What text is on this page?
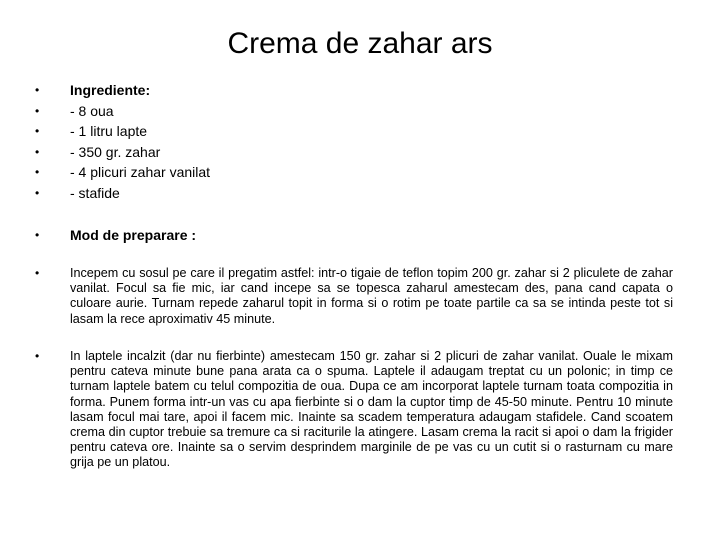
Crema de zahar ars
• Ingrediente:
• - 8 oua
• - 1 litru lapte
• - 350 gr. zahar
• - 4 plicuri zahar vanilat
• - stafide
• Mod de preparare :
• Incepem cu sosul pe care il pregatim astfel: intr-o tigaie de teflon topim 200 gr. zahar si 2 pliculete de zahar vanilat. Focul sa fie mic, iar cand incepe sa se topesca zaharul amestecam des, pana cand capata o culoare aurie. Turnam repede zaharul topit in forma si o rotim pe toate partile ca sa se intinda peste tot si lasam la rece aproximativ 45 minute.
• In laptele incalzit (dar nu fierbinte) amestecam 150 gr. zahar si 2 plicuri de zahar vanilat. Ouale le mixam pentru cateva minute bune pana arata ca o spuma. Laptele il adaugam treptat cu un polonic; in timp ce turnam laptele batem cu telul compozitia de oua. Dupa ce am incorporat laptele turnam toata compozitia in forma. Punem forma intr-un vas cu apa fierbinte si o dam la cuptor timp de 45-50 minute. Pentru 10 minute lasam focul mai tare, apoi il facem mic. Inainte sa scadem temperatura adaugam stafidele. Cand scoatem crema din cuptor trebuie sa tremure ca si raciturile la atingere. Lasam crema la racit si apoi o dam la frigider pentru cateva ore. Inainte sa o servim desprindem marginile de pe vas cu un cutit si o rasturnam cu mare grija pe un platou.
